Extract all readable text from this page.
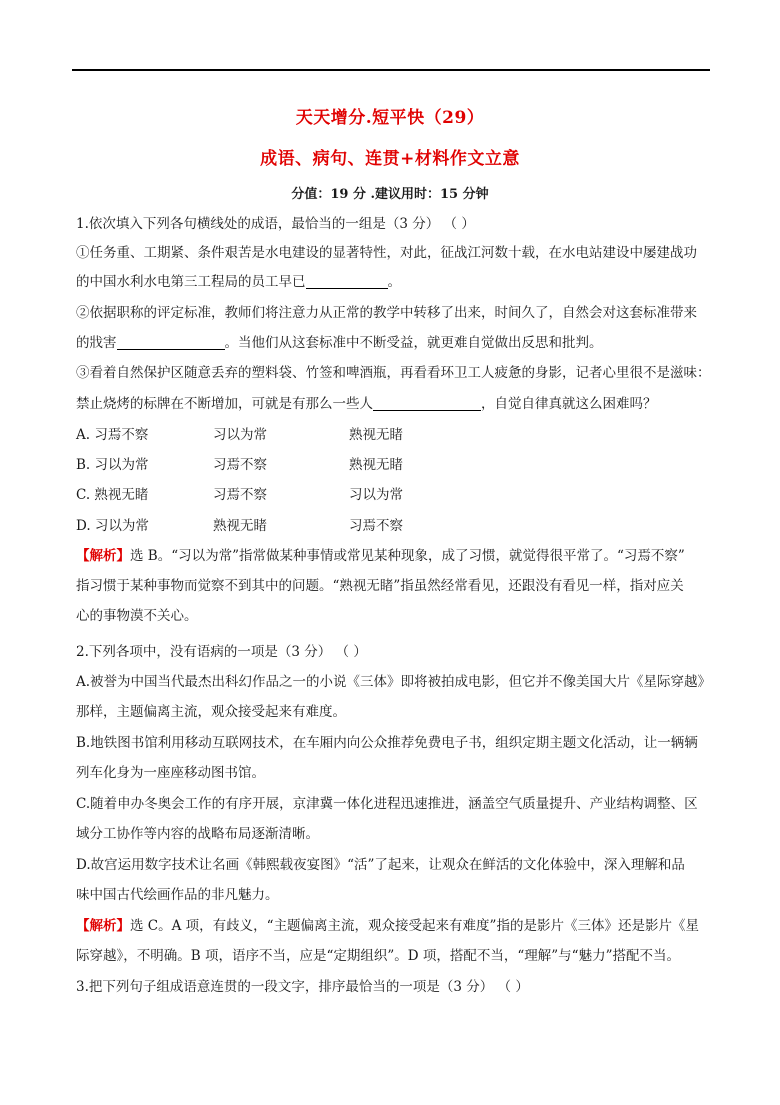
天天增分.短平快（29）
成语、病句、连贯+材料作文立意
分值：19 分 .建议用时：15 分钟
1.依次填入下列各句横线处的成语，最恰当的一组是（3 分） （ ）
①任务重、工期紧、条件艰苦是水电建设的显著特性，对此，征战江河数十载，在水电站建设中屡建战功
的中国水利水电第三工程局的员工早已	。
②依据职称的评定标准，教师们将注意力从正常的教学中转移了出来，时间久了，自然会对这套标准带来
的戕害	。当他们从这套标准中不断受益，就更难自觉做出反思和批判。
③看着自然保护区随意丢弃的塑料袋、竹签和啤酒瓶，再看看环卫工人疲惫的身影，记者心里很不是滋味：
禁止烧烤的标牌在不断增加，可就是有那么一些人	，自觉自律真就这么困难吗？
A. 习焉不察	习以为常	熟视无睹
B. 习以为常	习焉不察	熟视无睹
C. 熟视无睹	习焉不察	习以为常
D. 习以为常	熟视无睹	习焉不察
【解析】选 B。“习以为常”指常做某种事情或常见某种现象，成了习惯，就觉得很平常了。“习焉不察”
指习惯于某种事物而觉察不到其中的问题。“熟视无睹”指虽然经常看见，还跟没有看见一样，指对应关
心的事物漠不关心。
2.下列各项中，没有语病的一项是（3 分） （ ）
A.被誉为中国当代最杰出科幻作品之一的小说《三体》即将被拍成电影，但它并不像美国大片《星际穿越》
那样，主题偏离主流，观众接受起来有难度。
B.地铁图书馆利用移动互联网技术，在车厢内向公众推荐免费电子书，组织定期主题文化活动，让一辆辆
列车化身为一座座移动图书馆。
C.随着申办冬奥会工作的有序开展，京津冀一体化进程迅速推进，涵盖空气质量提升、产业结构调整、区
域分工协作等内容的战略布局逐渐清晰。
D.故宫运用数字技术让名画《韩熙载夜宴图》“活”了起来，让观众在鲜活的文化体验中，深入理解和品
味中国古代绘画作品的非凡魅力。
【解析】选 C。A 项，有歧义，“主题偏离主流，观众接受起来有难度”指的是影片《三体》还是影片《星
际穿越》，不明确。B 项，语序不当，应是“定期组织”。D 项，搭配不当，“理解”与“魅力”搭配不当。
3.把下列句子组成语意连贯的一段文字，排序最恰当的一项是（3 分） （ ）
